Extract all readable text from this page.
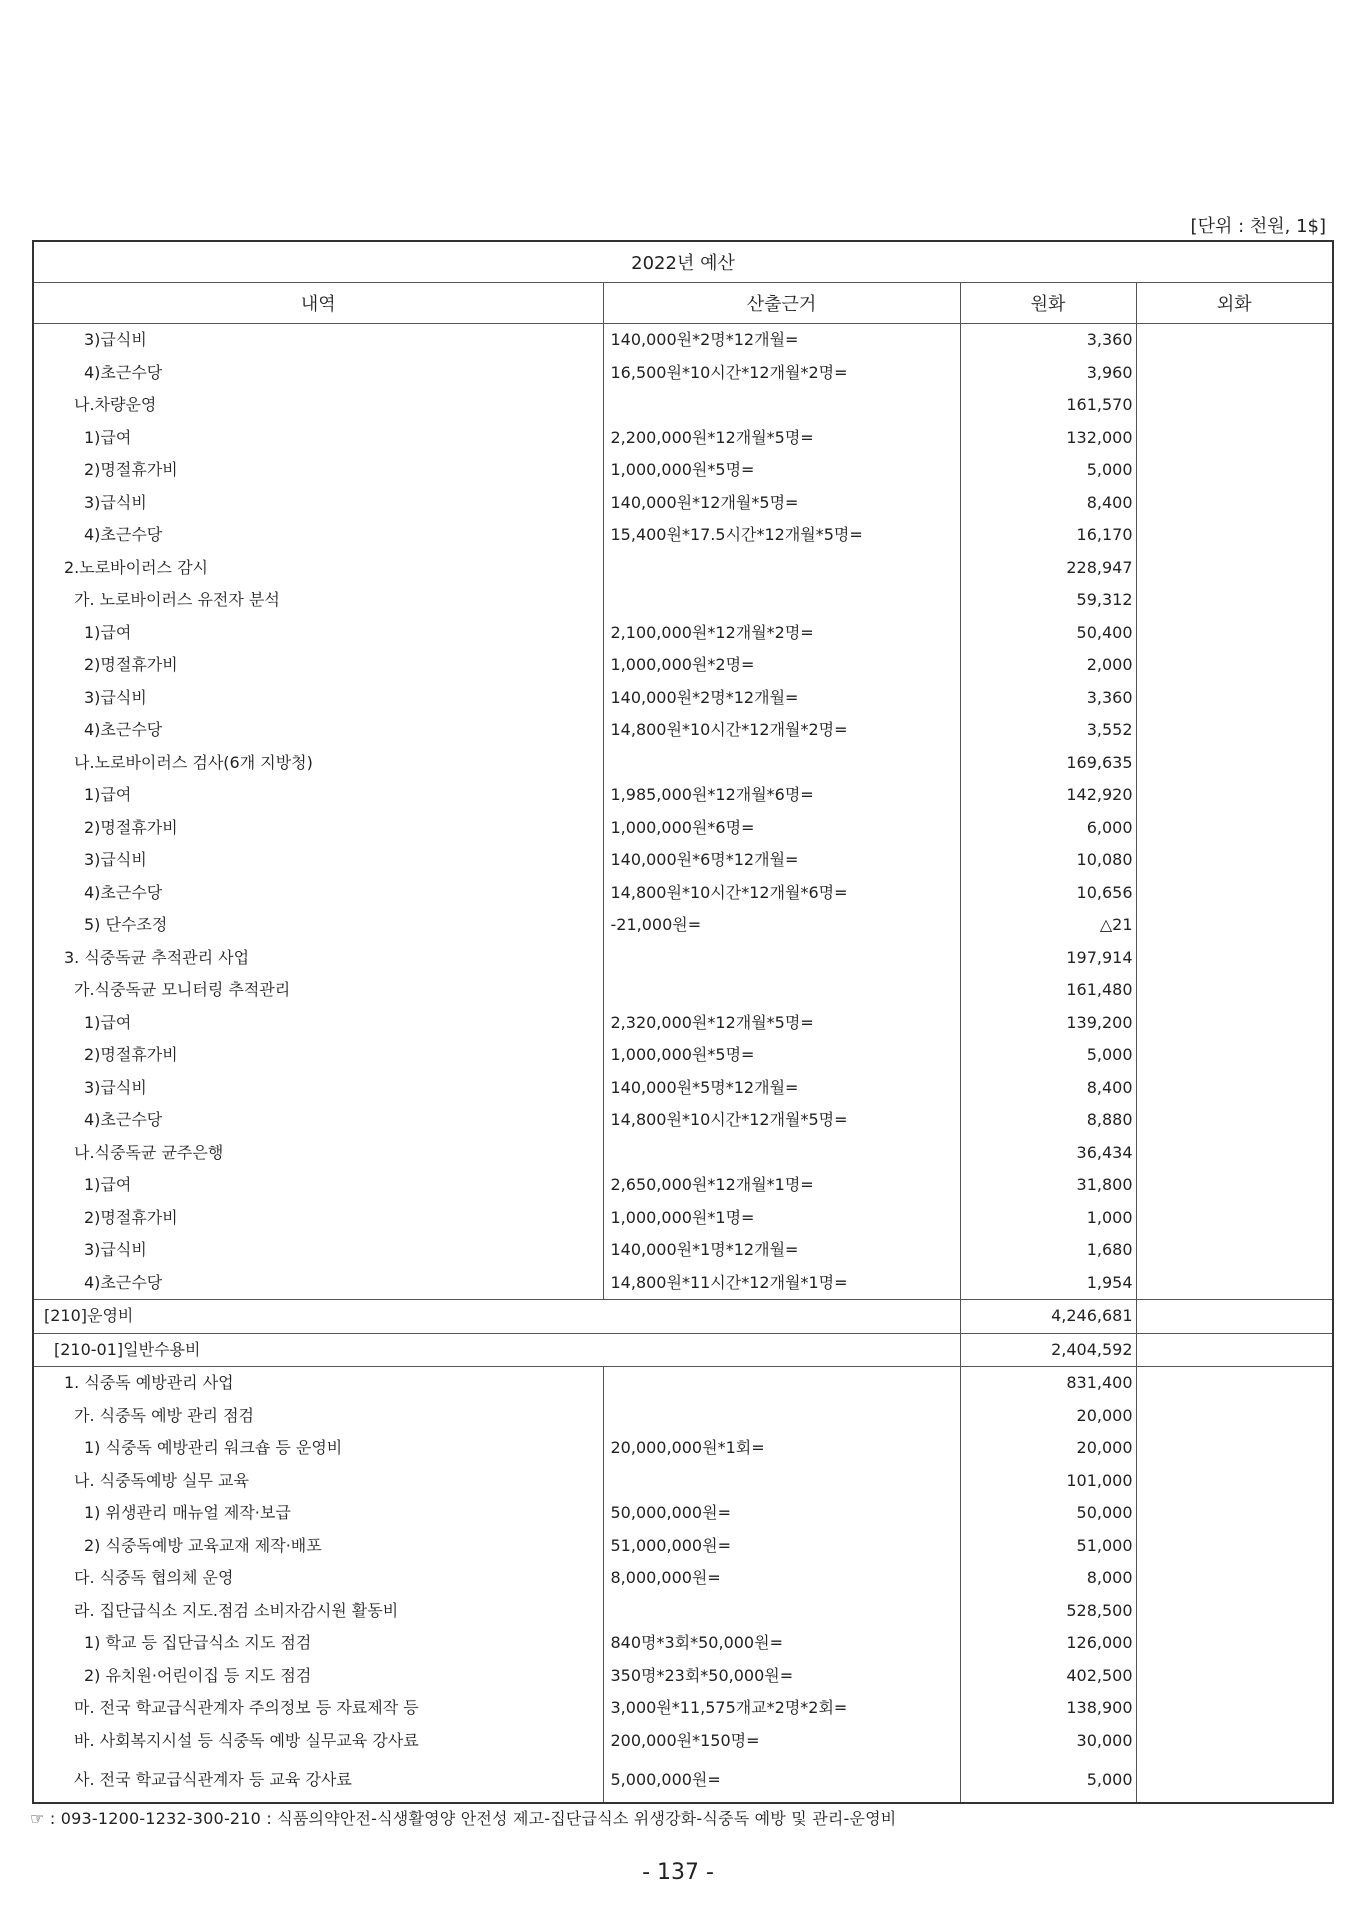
[단위 : 천원, 1$]
2022년 예산			
내역	산출근거	원화	외화
3)급식비	140,000원*2명*12개월=	3,360	
4)초근수당	16,500원*10시간*12개월*2명=	3,960	
나.차량운영		161,570	
1)급여	2,200,000원*12개월*5명=	132,000	
2)명절휴가비	1,000,000원*5명=	5,000	
3)급식비	140,000원*12개월*5명=	8,400	
4)초근수당	15,400원*17.5시간*12개월*5명=	16,170	
2.노로바이러스 감시		228,947	
가. 노로바이러스 유전자 분석		59,312	
1)급여	2,100,000원*12개월*2명=	50,400	
2)명절휴가비	1,000,000원*2명=	2,000	
3)급식비	140,000원*2명*12개월=	3,360	
4)초근수당	14,800원*10시간*12개월*2명=	3,552	
나.노로바이러스 검사(6개 지방청)		169,635	
1)급여	1,985,000원*12개월*6명=	142,920	
2)명절휴가비	1,000,000원*6명=	6,000	
3)급식비	140,000원*6명*12개월=	10,080	
4)초근수당	14,800원*10시간*12개월*6명=	10,656	
5) 단수조정	-21,000원=	△21	
3. 식중독균 추적관리 사업		197,914	
가.식중독균 모니터링 추적관리		161,480	
1)급여	2,320,000원*12개월*5명=	139,200	
2)명절휴가비	1,000,000원*5명=	5,000	
3)급식비	140,000원*5명*12개월=	8,400	
4)초근수당	14,800원*10시간*12개월*5명=	8,880	
나.식중독균 균주은행		36,434	
1)급여	2,650,000원*12개월*1명=	31,800	
2)명절휴가비	1,000,000원*1명=	1,000	
3)급식비	140,000원*1명*12개월=	1,680	
4)초근수당	14,800원*11시간*12개월*1명=	1,954	
[210]운영비		4,246,681	
[210-01]일반수용비		2,404,592	
1. 식중독 예방관리 사업		831,400	
가. 식중독 예방 관리 점검		20,000	
1) 식중독 예방관리 워크숍 등 운영비	20,000,000원*1회=	20,000	
나. 식중독예방 실무 교육		101,000	
1) 위생관리 매뉴얼 제작·보급	50,000,000원=	50,000	
2) 식중독예방 교육교재 제작·배포	51,000,000원=	51,000	
다. 식중독 협의체 운영	8,000,000원=	8,000	
라. 집단급식소 지도.점검 소비자감시원 활동비		528,500	
1) 학교 등 집단급식소 지도 점검	840명*3회*50,000원=	126,000	
2) 유치원·어린이집 등 지도 점검	350명*23회*50,000원=	402,500	
마. 전국 학교급식관계자 주의정보 등 자료제작 등	3,000원*11,575개교*2명*2회=	138,900	
바. 사회복지시설 등 식중독 예방 실무교육 강사료	200,000원*150명=	30,000	
사. 전국 학교급식관계자 등 교육 강사료	5,000,000원=	5,000	
☞ : 093-1200-1232-300-210 : 식품의약안전-식생활영양 안전성 제고-집단급식소 위생강화-식중독 예방 및 관리-운영비
- 137 -
